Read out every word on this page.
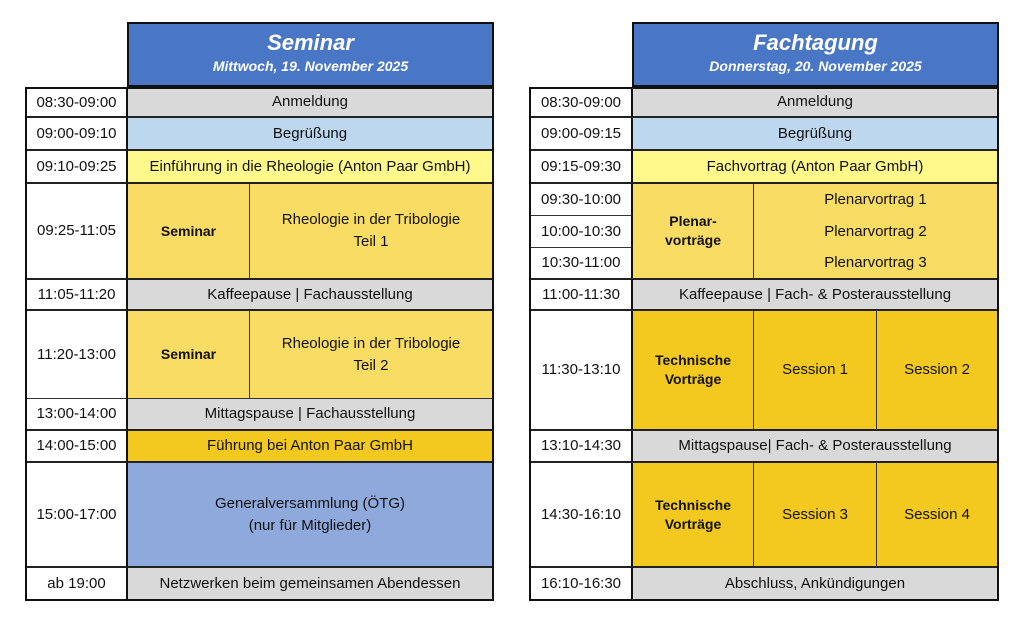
Seminar
Mittwoch, 19. November 2025
08:30-09:00
09:00-09:10
09:10-09:25
09:25-11:05
11:05-11:20
11:20-13:00
13:00-14:00
14:00-15:00
15:00-17:00
ab 19:00
Anmeldung
Begrüßung
Einführung in die Rheologie (Anton Paar GmbH)
Seminar
Rheologie in der Tribologie
Teil 1
Kaffeepause | Fachausstellung
Seminar
Rheologie in der Tribologie
Teil 2
Mittagspause | Fachausstellung
Führung bei Anton Paar GmbH
Generalversammlung (ÖTG)
(nur für Mitglieder)
Netzwerken beim gemeinsamen Abendessen
Fachtagung
Donnerstag, 20. November 2025
08:30-09:00
09:00-09:15
09:15-09:30
09:30-10:00
10:00-10:30
10:30-11:00
11:00-11:30
11:30-13:10
13:10-14:30
14:30-16:10
16:10-16:30
Anmeldung
Begrüßung
Fachvortrag (Anton Paar GmbH)
Plenar-
vorträge
Plenarvortrag 1
Plenarvortrag 2
Plenarvortrag 3
Kaffeepause | Fach- & Posterausstellung
Technische
Vorträge
Session 1	Session 2
Mittagspause| Fach- & Posterausstellung
Technische
Vorträge
Session 3	Session 4
Abschluss, Ankündigungen
